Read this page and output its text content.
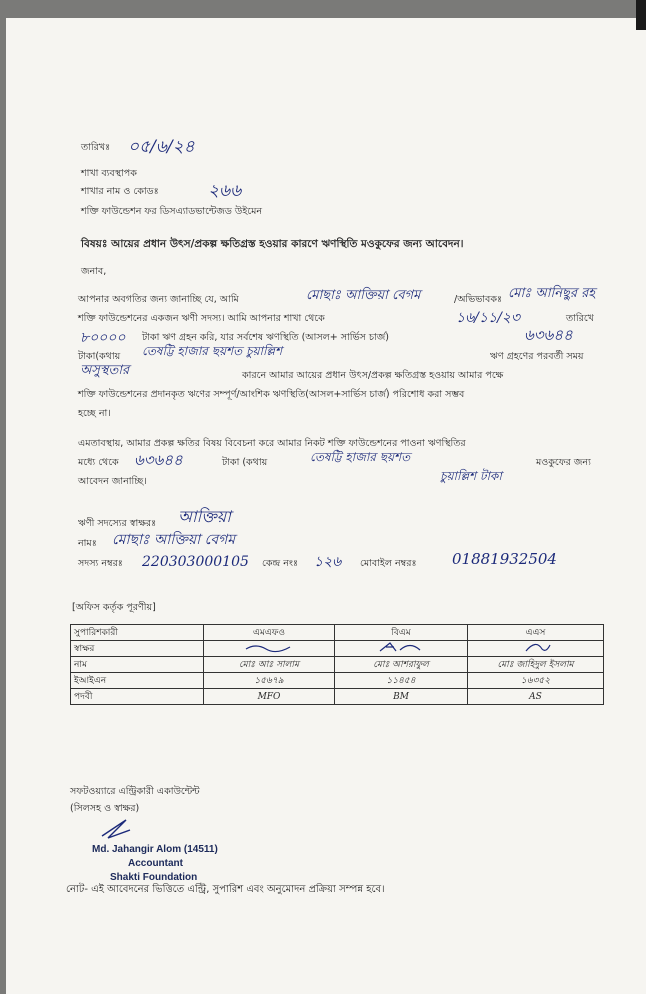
তারিখঃ ০৫/৬/২৪
শাখা ব্যবস্থাপক
শাখার নাম ও কোডঃ	২৬৬
শক্তি ফাউন্ডেশন ফর ডিসএ্যাডভান্টেজড উইমেন
বিষয়ঃ আয়ের প্রধান উৎস/প্রকল্প ক্ষতিগ্রস্ত হওয়ার কারণে ঋণস্থিতি মওকুফের জন্য আবেদন।
জনাব,
আপনার অবগতির জন্য জানাচ্ছি যে, আমি	মোছাঃ আক্তিয়া বেগম	/অভিভাবকঃ মোঃ আনিছুর রহ
শক্তি ফাউন্ডেশনের একজন ঋণী সদস্য। আমি আপনার শাখা থেকে	১৬/১১/২৩	তারিখে
৮০০০০ টাকা ঋণ গ্রহন করি, যার সর্বশেষ ঋণস্থিতি (আসল+ সার্ভিস চার্জ)	৬৩৬৪৪
টাকা(কথায় তেষট্টি হাজার ছয়শত চুয়াল্লিশ	ঋণ গ্রহণের পরবর্তী সময়
অসুস্থতার	কারনে আমার আয়ের প্রধান উৎস/প্রকল্প ক্ষতিগ্রস্ত হওয়ায় আমার পক্ষে
শক্তি ফাউন্ডেশনের প্রদানকৃত ঋণের সম্পূর্ণ/আংশিক ঋণস্থিতি(আসল+সার্ভিস চার্জ) পরিশোধ করা সম্ভব
হচ্ছে না।
এমতাবস্থায়, আমার প্রকল্প ক্ষতির বিষয় বিবেচনা করে আমার নিকট শক্তি ফাউন্ডেশনের পাওনা ঋণস্থিতির
মধ্যে থেকে ৬৩৬৪৪	টাকা (কথায়	তেষট্টি হাজার ছয়শত	মওকুফের জন্য
চুয়াল্লিশ টাকা
আবেদন জানাচ্ছি।
ঋণী সদস্যের স্বাক্ষরঃ আক্তিয়া
নামঃ মোছাঃ আক্তিয়া বেগম
সদস্য নম্বরঃ 220303000105 কেন্দ্র নংঃ ১২৬ মোবাইল নম্বরঃ 01881932504
[অফিস কর্তৃক পূরণীয়]
সুপারিশকারী	এমএফও	বিএম	এএস
স্বাক্ষর			
নাম	মোঃ আঃ সালাম	মোঃ আশরাফুল	মোঃ জাহিদুল ইসলাম
ইআইএন	১৫৬৭৯	১১৪৫৪	১৬৩৫২
পদবী	MFO	BM	AS
সফটওয়্যারে এন্ট্রিকারী একাউন্টেন্ট
(সিলসহ ও স্বাক্ষর)
Md. Jahangir Alom (14511)
Accountant
Shakti Foundation
নোট- এই আবেদনের ভিত্তিতে এন্ট্রি, সুপারিশ এবং অনুমোদন প্রক্রিয়া সম্পন্ন হবে।
